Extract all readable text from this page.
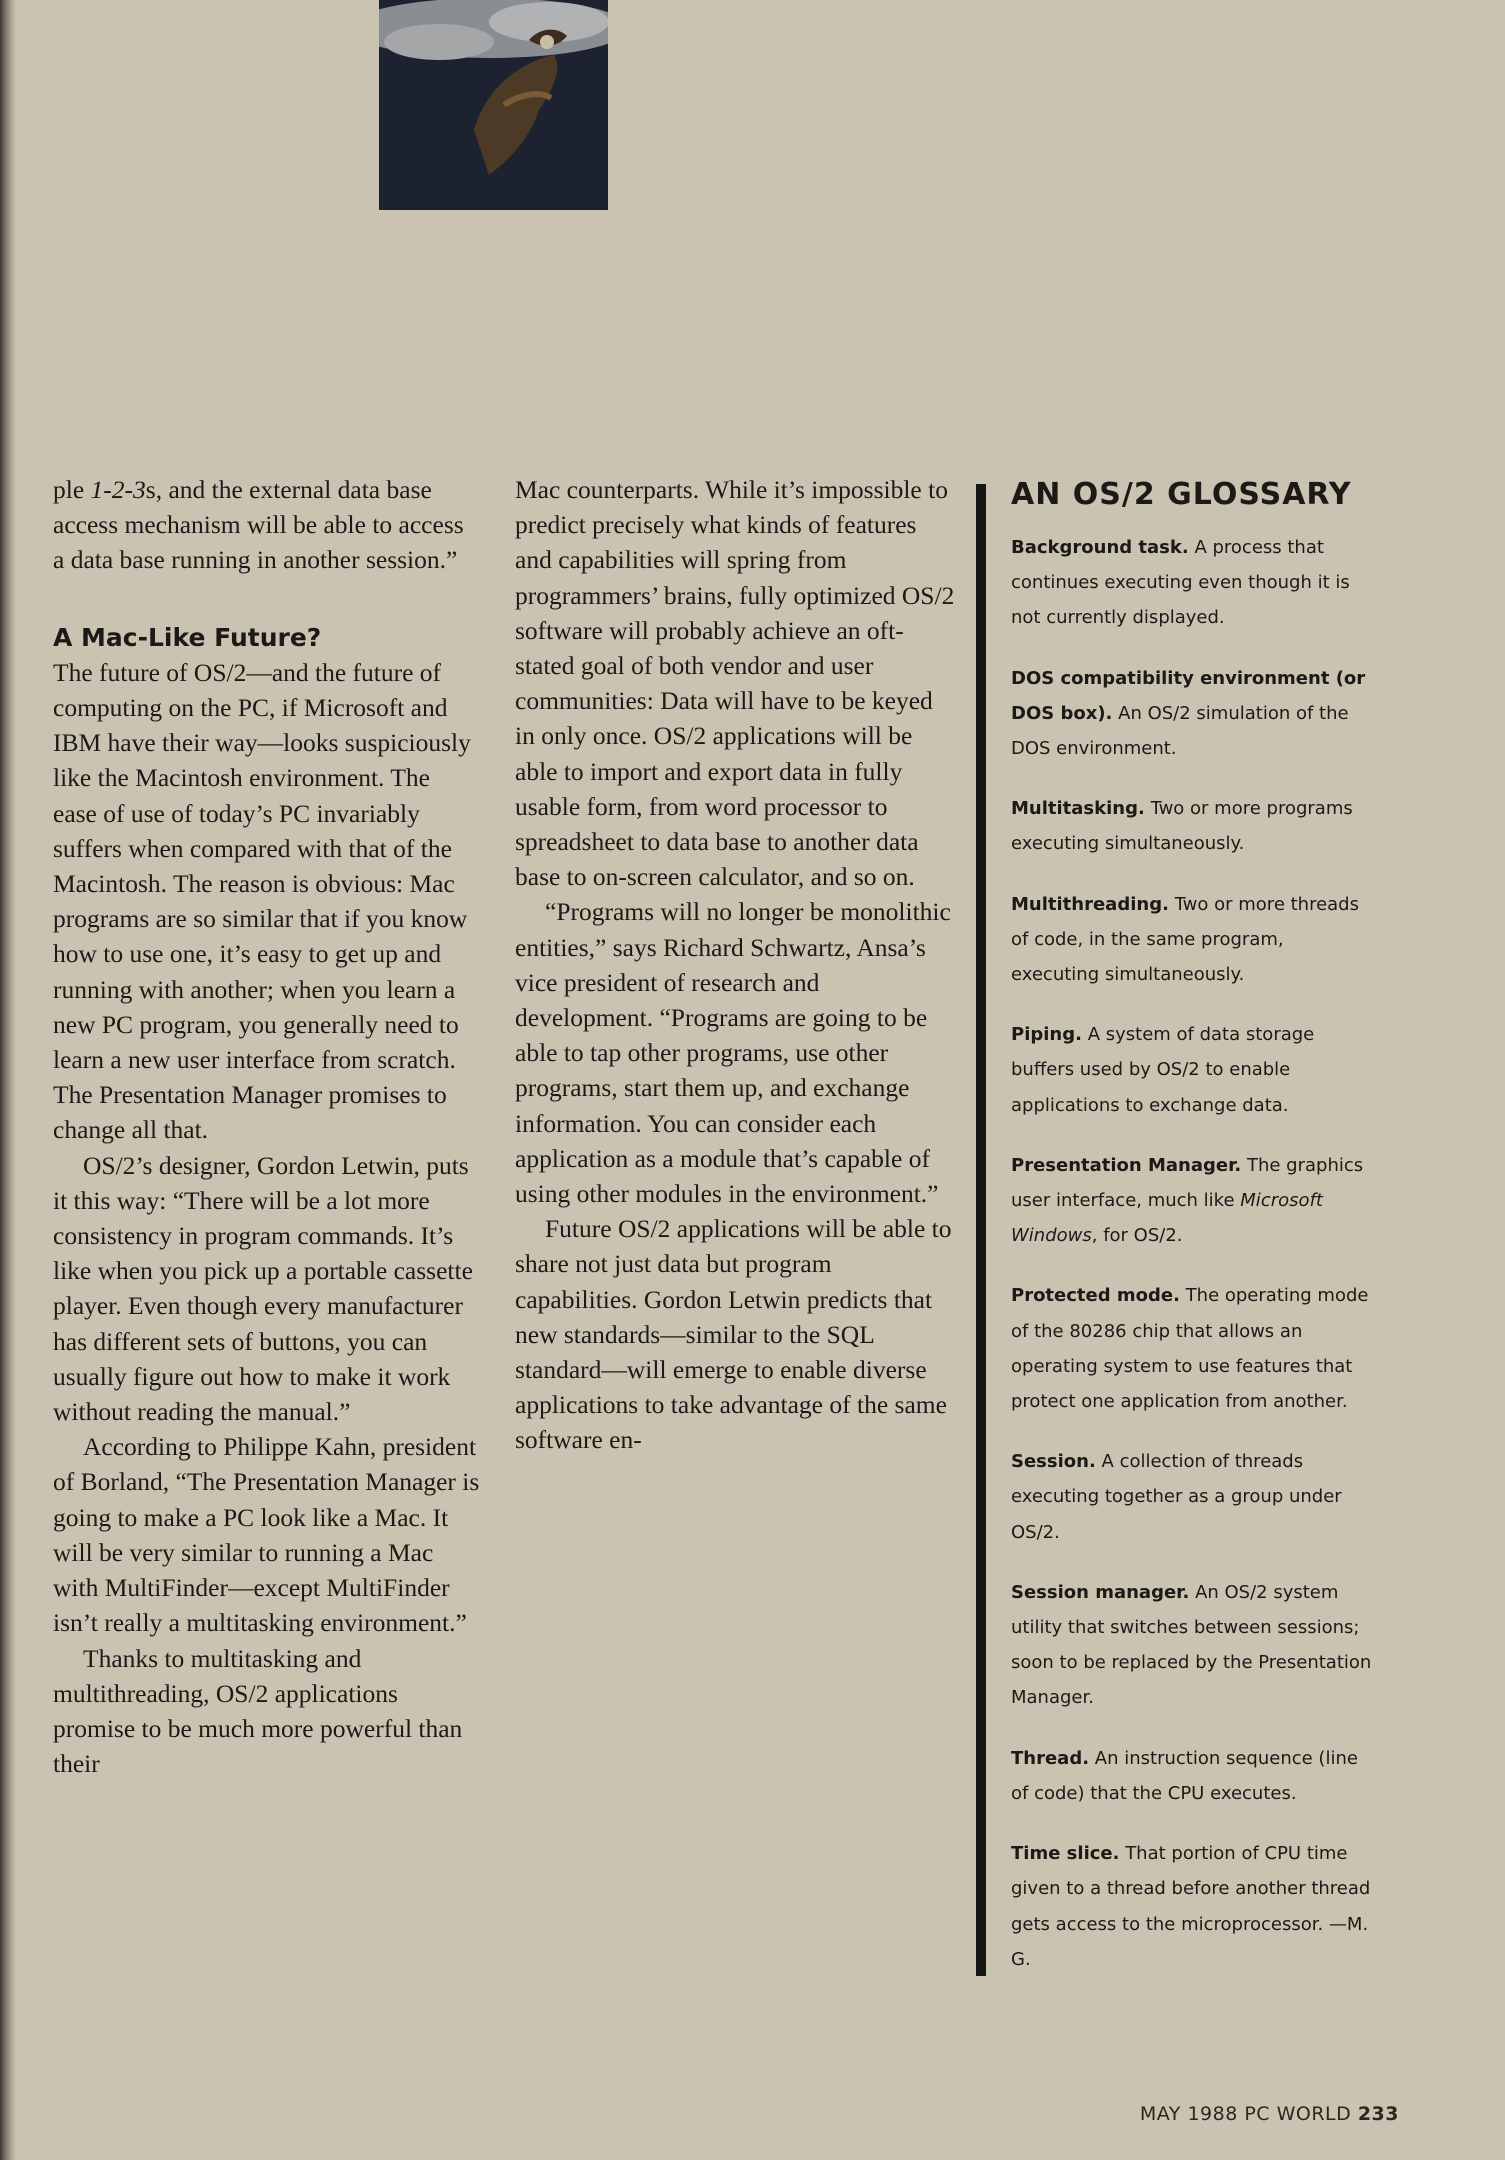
ple 1-2-3s, and the external data base access mechanism will be able to access a data base running in another session.”

A Mac-Like Future?

The future of OS/2—and the future of computing on the PC, if Microsoft and IBM have their way—looks suspiciously like the Macintosh environment. The ease of use of today’s PC invariably suffers when compared with that of the Macintosh. The reason is obvious: Mac programs are so similar that if you know how to use one, it’s easy to get up and running with another; when you learn a new PC program, you generally need to learn a new user interface from scratch. The Presentation Manager promises to change all that.

OS/2’s designer, Gordon Letwin, puts it this way: “There will be a lot more consistency in program commands. It’s like when you pick up a portable cassette player. Even though every manufacturer has different sets of buttons, you can usually figure out how to make it work without reading the manual.”

According to Philippe Kahn, president of Borland, “The Presentation Manager is going to make a PC look like a Mac. It will be very similar to running a Mac with MultiFinder—except MultiFinder isn’t really a multitasking environment.”

Thanks to multitasking and multithreading, OS/2 applications promise to be much more powerful than their

Mac counterparts. While it’s impossible to predict precisely what kinds of features and capabilities will spring from programmers’ brains, fully optimized OS/2 software will probably achieve an oft-stated goal of both vendor and user communities: Data will have to be keyed in only once. OS/2 applications will be able to import and export data in fully usable form, from word processor to spreadsheet to data base to another data base to on-screen calculator, and so on.

“Programs will no longer be monolithic entities,” says Richard Schwartz, Ansa’s vice president of research and development. “Programs are going to be able to tap other programs, use other programs, start them up, and exchange information. You can consider each application as a module that’s capable of using other modules in the environment.”

Future OS/2 applications will be able to share not just data but program capabilities. Gordon Letwin predicts that new standards—similar to the SQL standard—will emerge to enable diverse applications to take advantage of the same software en-

AN OS/2 GLOSSARY

Background task. A process that continues executing even though it is not currently displayed.

DOS compatibility environment (or DOS box). An OS/2 simulation of the DOS environment.

Multitasking. Two or more programs executing simultaneously.

Multithreading. Two or more threads of code, in the same program, executing simultaneously.

Piping. A system of data storage buffers used by OS/2 to enable applications to exchange data.

Presentation Manager. The graphics user interface, much like Microsoft Windows, for OS/2.

Protected mode. The operating mode of the 80286 chip that allows an operating system to use features that protect one application from another.

Session. A collection of threads executing together as a group under OS/2.

Session manager. An OS/2 system utility that switches between sessions; soon to be replaced by the Presentation Manager.

Thread. An instruction sequence (line of code) that the CPU executes.

Time slice. That portion of CPU time given to a thread before another thread gets access to the microprocessor. —M. G.

MAY 1988 PC WORLD 233
